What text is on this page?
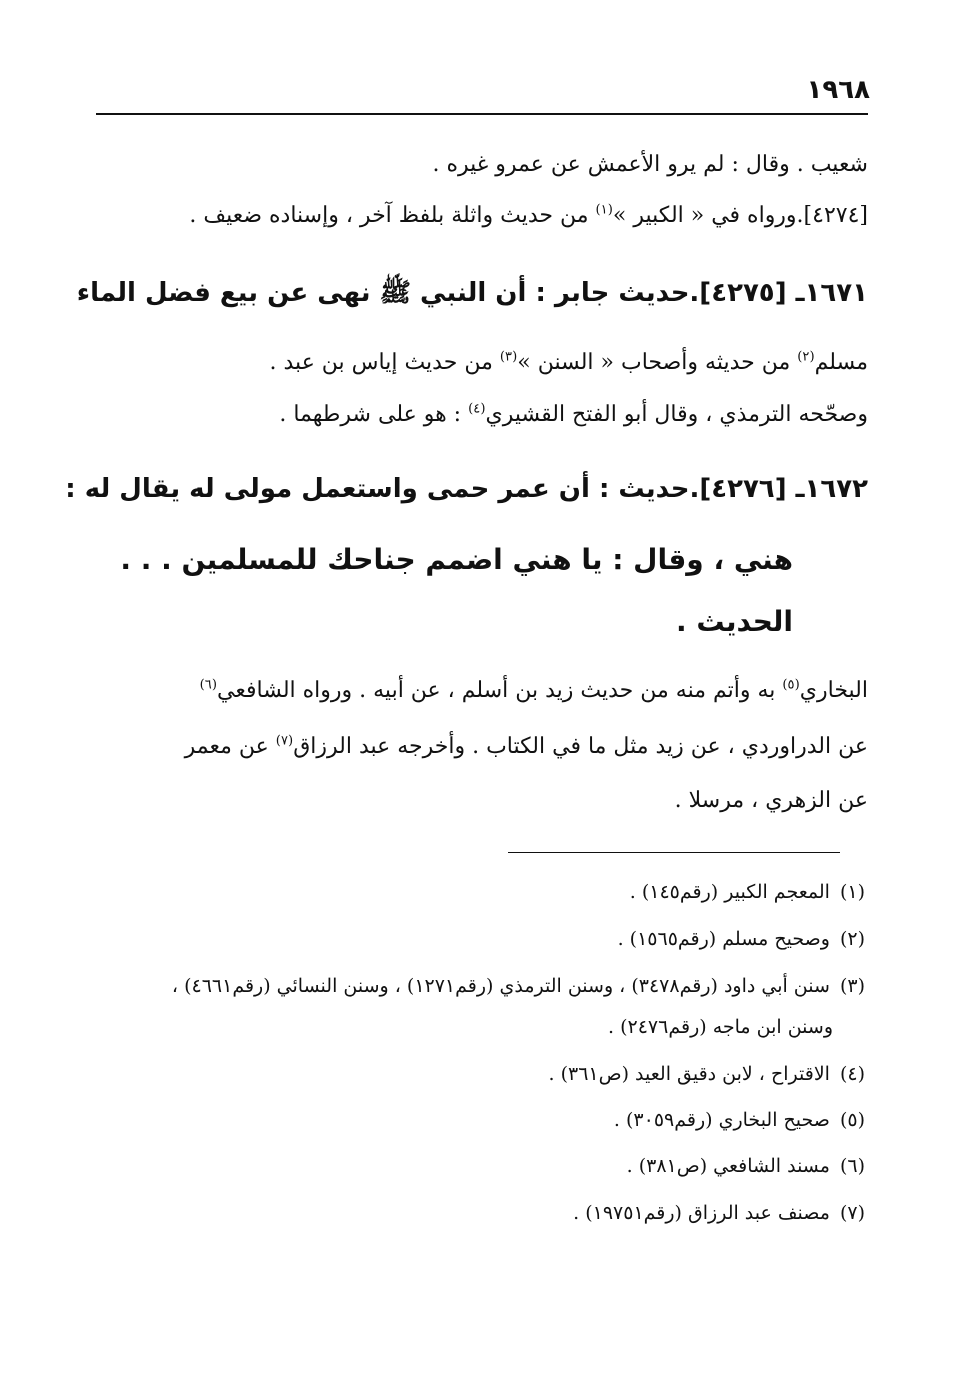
١٩٦٨
شعيب . وقال : لم يرو الأعمش عن عمرو غيره .
[٤٢٧٤].ورواه في « الكبير »$^{(١)}$ من حديث واثلة بلفظ آخر ، وإسناده ضعيف .
١٦٧١ـ [٤٢٧٥].حديث جابر : أن النبي ﷺ نهى عن بيع فضل الماء
مسلم$^{(٢)}$ من حديثه وأصحاب « السنن »$^{(٣)}$ من حديث إياس بن عبد .
وصحّحه الترمذي ، وقال أبو الفتح القشيري$^{(٤)}$ : هو على شرطهما .
١٦٧٢ـ [٤٢٧٦].حديث : أن عمر حمى واستعمل مولى له يقال له :
هني ، وقال : يا هني اضمم جناحك للمسلمين . . .
الحديث .
البخاري$^{(٥)}$ به وأتم منه من حديث زيد بن أسلم ، عن أبيه . ورواه الشافعي$^{(٦)}$
عن الدراوردي ، عن زيد مثل ما في الكتاب . وأخرجه عبد الرزاق$^{(٧)}$ عن معمر
عن الزهري ، مرسلا .
(١)المعجم الكبير (رقم١٤٥) .
(٢)وصحيح مسلم (رقم١٥٦٥) .
(٣)سنن أبي داود (رقم٣٤٧٨) ، وسنن الترمذي (رقم١٢٧١) ، وسنن النسائي (رقم٤٦٦١) ،
وسنن ابن ماجه (رقم٢٤٧٦) .
(٤)الاقتراح ، لابن دقيق العيد (ص٣٦١) .
(٥)صحيح البخاري (رقم٣٠٥٩) .
(٦)مسند الشافعي (ص٣٨١) .
(٧)مصنف عبد الرزاق (رقم١٩٧٥١) .
